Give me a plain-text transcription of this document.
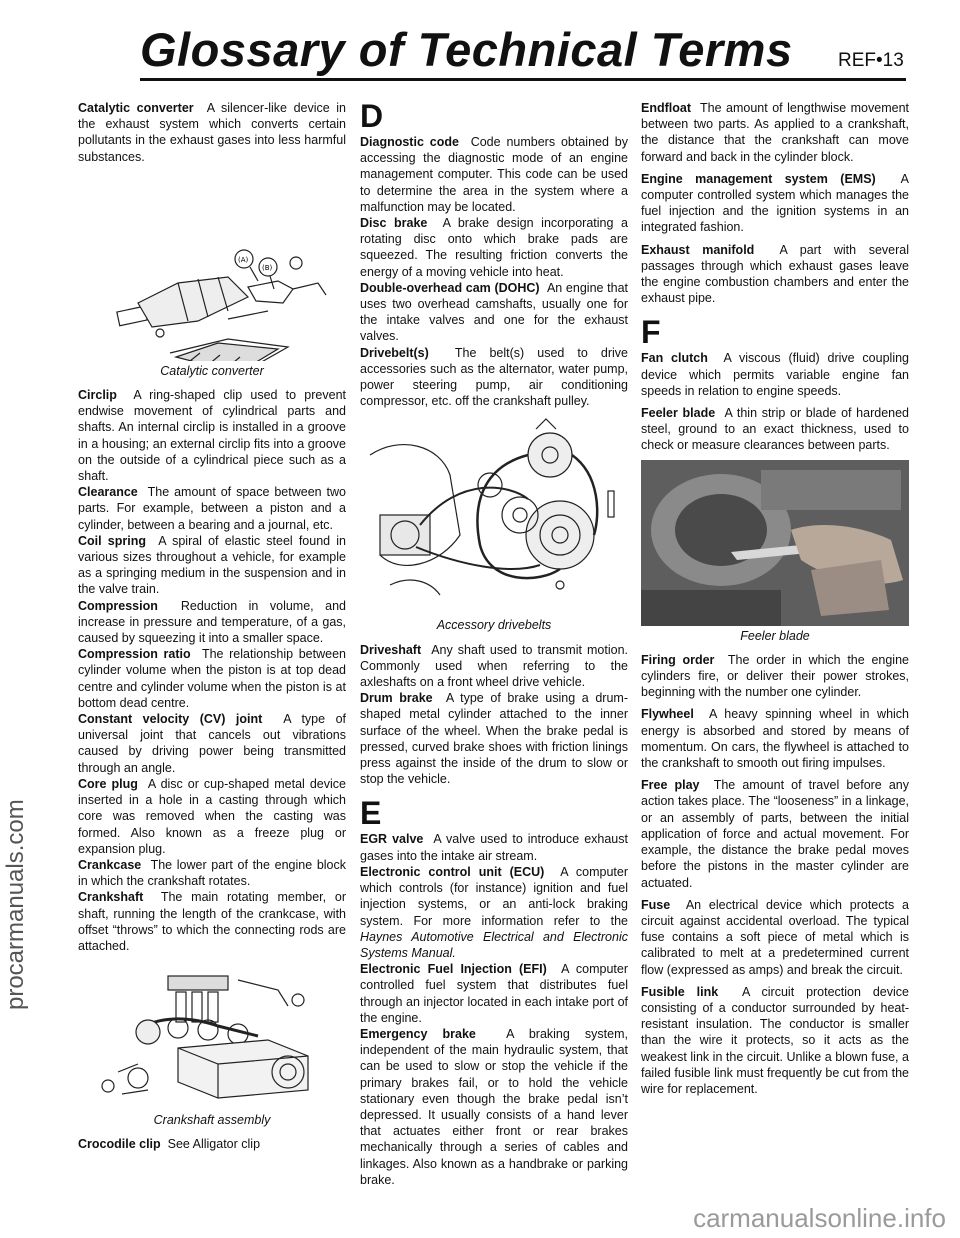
Glossary of Technical Terms REF•13
procarmanuals.com
carmanualsonline.info
Catalytic converter A silencer-like device in the exhaust system which converts certain pollutants in the exhaust gases into less harmful substances.
(A)
(B)
Catalytic converter
Circlip A ring-shaped clip used to prevent endwise movement of cylindrical parts and shafts. An internal circlip is installed in a groove in a housing; an external circlip fits into a groove on the outside of a cylindrical piece such as a shaft.
Clearance The amount of space between two parts. For example, between a piston and a cylinder, between a bearing and a journal, etc.
Coil spring A spiral of elastic steel found in various sizes throughout a vehicle, for example as a springing medium in the suspension and in the valve train.
Compression Reduction in volume, and increase in pressure and temperature, of a gas, caused by squeezing it into a smaller space.
Compression ratio The relationship between cylinder volume when the piston is at top dead centre and cylinder volume when the piston is at bottom dead centre.
Constant velocity (CV) joint A type of universal joint that cancels out vibrations caused by driving power being transmitted through an angle.
Core plug A disc or cup-shaped metal device inserted in a hole in a casting through which core was removed when the casting was formed. Also known as a freeze plug or expansion plug.
Crankcase The lower part of the engine block in which the crankshaft rotates.
Crankshaft The main rotating member, or shaft, running the length of the crankcase, with offset “throws” to which the connecting rods are attached.
Crankshaft assembly
Crocodile clip See Alligator clip
D
Diagnostic code Code numbers obtained by accessing the diagnostic mode of an engine management computer. This code can be used to determine the area in the system where a malfunction may be located.
Disc brake A brake design incorporating a rotating disc onto which brake pads are squeezed. The resulting friction converts the energy of a moving vehicle into heat.
Double-overhead cam (DOHC) An engine that uses two overhead camshafts, usually one for the intake valves and one for the exhaust valves.
Drivebelt(s) The belt(s) used to drive accessories such as the alternator, water pump, power steering pump, air conditioning compressor, etc. off the crankshaft pulley.
Accessory drivebelts
Driveshaft Any shaft used to transmit motion. Commonly used when referring to the axleshafts on a front wheel drive vehicle.
Drum brake A type of brake using a drum-shaped metal cylinder attached to the inner surface of the wheel. When the brake pedal is pressed, curved brake shoes with friction linings press against the inside of the drum to slow or stop the vehicle.
E
EGR valve A valve used to introduce exhaust gases into the intake air stream.
Electronic control unit (ECU) A computer which controls (for instance) ignition and fuel injection systems, or an anti-lock braking system. For more information refer to the Haynes Automotive Electrical and Electronic Systems Manual.
Electronic Fuel Injection (EFI) A computer controlled fuel system that distributes fuel through an injector located in each intake port of the engine.
Emergency brake A braking system, independent of the main hydraulic system, that can be used to slow or stop the vehicle if the primary brakes fail, or to hold the vehicle stationary even though the brake pedal isn’t depressed. It usually consists of a hand lever that actuates either front or rear brakes mechanically through a series of cables and linkages. Also known as a handbrake or parking brake.
Endfloat The amount of lengthwise movement between two parts. As applied to a crankshaft, the distance that the crankshaft can move forward and back in the cylinder block.
Engine management system (EMS) A computer controlled system which manages the fuel injection and the ignition systems in an integrated fashion.
Exhaust manifold A part with several passages through which exhaust gases leave the engine combustion chambers and enter the exhaust pipe.
F
Fan clutch A viscous (fluid) drive coupling device which permits variable engine fan speeds in relation to engine speeds.
Feeler blade A thin strip or blade of hardened steel, ground to an exact thickness, used to check or measure clearances between parts.
Feeler blade
Firing order The order in which the engine cylinders fire, or deliver their power strokes, beginning with the number one cylinder.
Flywheel A heavy spinning wheel in which energy is absorbed and stored by means of momentum. On cars, the flywheel is attached to the crankshaft to smooth out firing impulses.
Free play The amount of travel before any action takes place. The “looseness” in a linkage, or an assembly of parts, between the initial application of force and actual movement. For example, the distance the brake pedal moves before the pistons in the master cylinder are actuated.
Fuse An electrical device which protects a circuit against accidental overload. The typical fuse contains a soft piece of metal which is calibrated to melt at a predetermined current flow (expressed as amps) and break the circuit.
Fusible link A circuit protection device consisting of a conductor surrounded by heat-resistant insulation. The conductor is smaller than the wire it protects, so it acts as the weakest link in the circuit. Unlike a blown fuse, a failed fusible link must frequently be cut from the wire for replacement.
